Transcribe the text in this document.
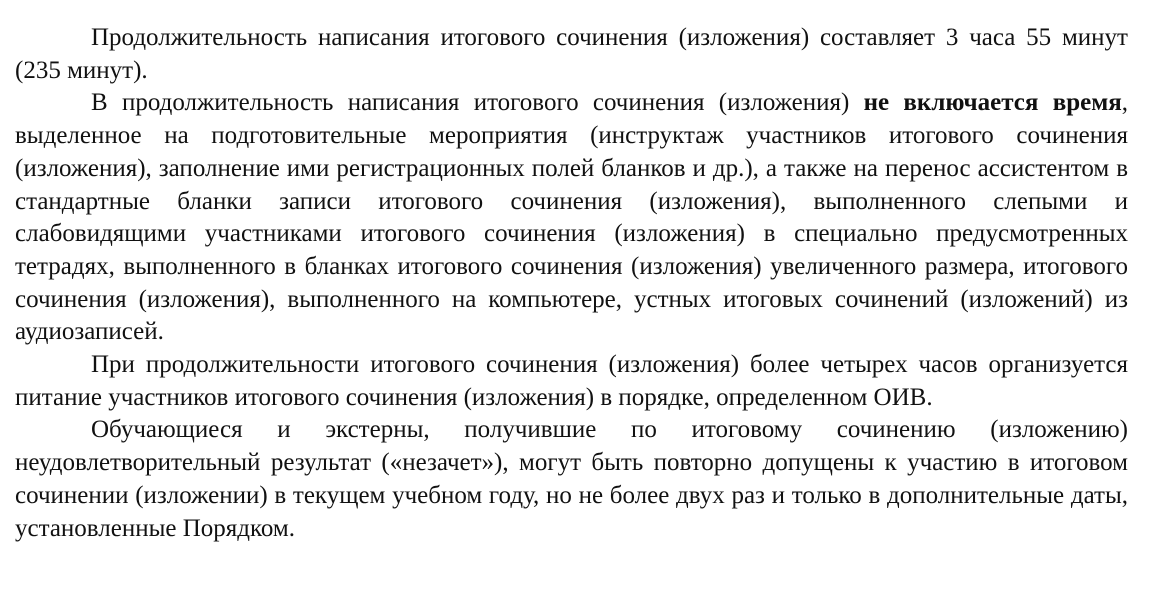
Продолжительность написания итогового сочинения (изложения) составляет 3 часа 55 минут (235 минут).

В продолжительность написания итогового сочинения (изложения) не включается время, выделенное на подготовительные мероприятия (инструктаж участников итогового сочинения (изложения), заполнение ими регистрационных полей бланков и др.), а также на перенос ассистентом в стандартные бланки записи итогового сочинения (изложения), выполненного слепыми и слабовидящими участниками итогового сочинения (изложения) в специально предусмотренных тетрадях, выполненного в бланках итогового сочинения (изложения) увеличенного размера, итогового сочинения (изложения), выполненного на компьютере, устных итоговых сочинений (изложений) из аудиозаписей.

При продолжительности итогового сочинения (изложения) более четырех часов организуется питание участников итогового сочинения (изложения) в порядке, определенном ОИВ.

Обучающиеся и экстерны, получившие по итоговому сочинению (изложению) неудовлетворительный результат («незачет»), могут быть повторно допущены к участию в итоговом сочинении (изложении) в текущем учебном году, но не более двух раз и только в дополнительные даты, установленные Порядком.
